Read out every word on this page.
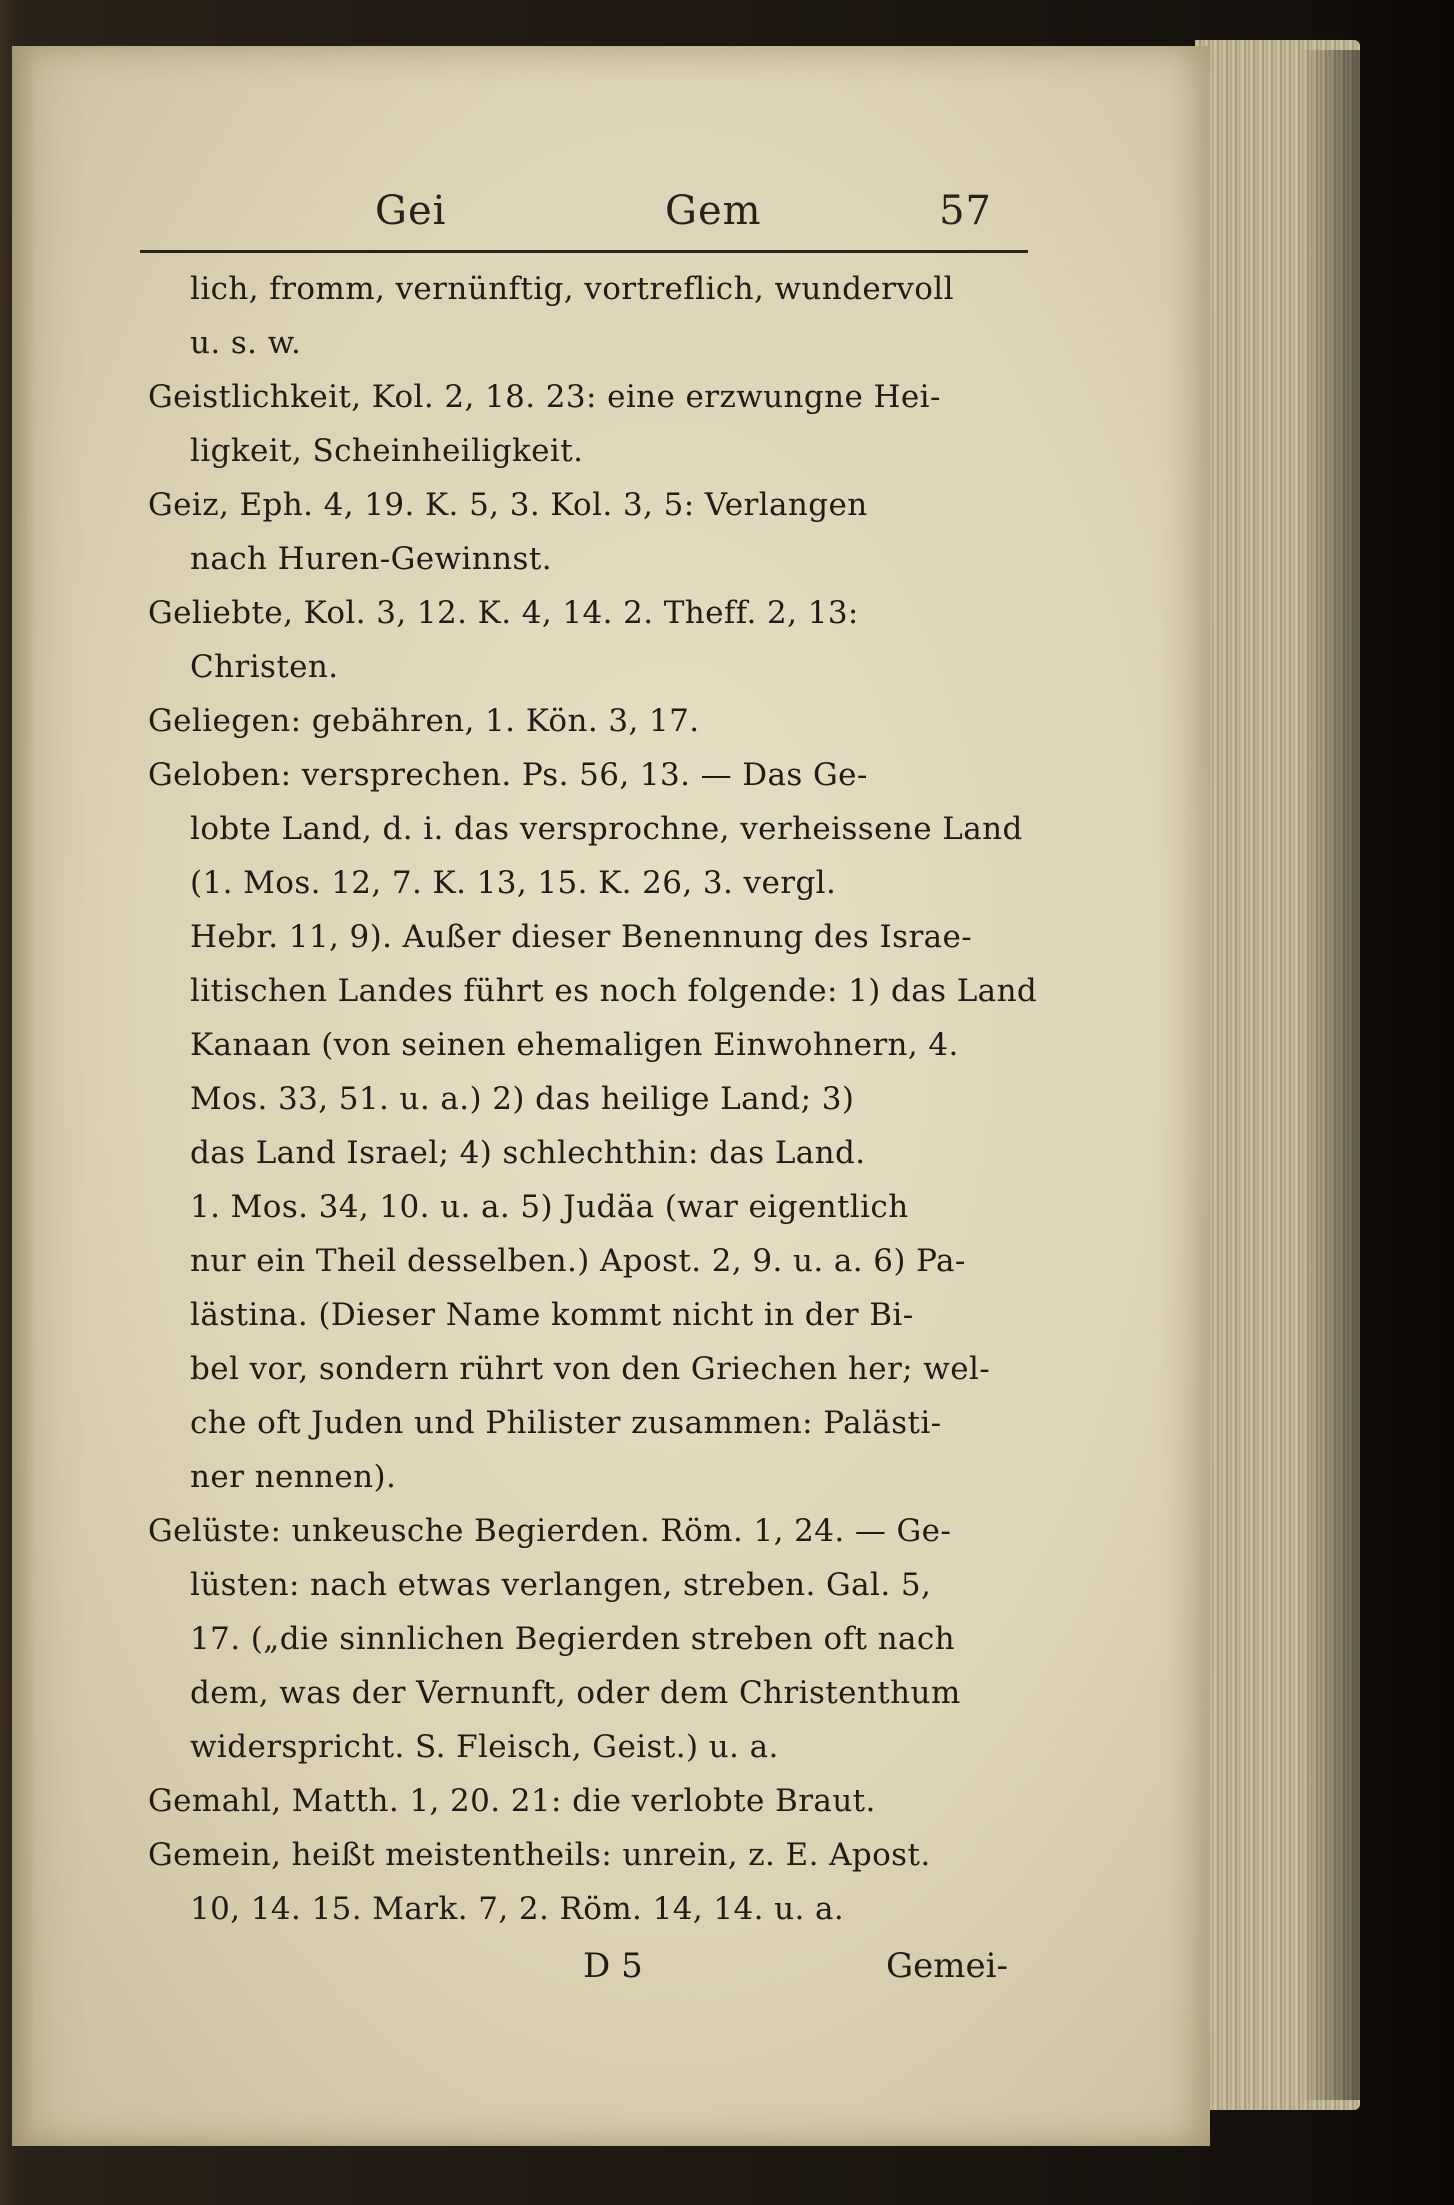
Gei	Gem	57
lich, fromm, vernünftig, vortreflich, wundervoll
u. s. w.
Geistlichkeit, Kol. 2, 18. 23: eine erzwungne Hei-
ligkeit, Scheinheiligkeit.
Geiz, Eph. 4, 19. K. 5, 3. Kol. 3, 5: Verlangen
nach Huren-Gewinnst.
Geliebte, Kol. 3, 12. K. 4, 14. 2. Theff. 2, 13:
Christen.
Geliegen: gebähren, 1. Kön. 3, 17.
Geloben: versprechen. Ps. 56, 13. — Das Ge-
lobte Land, d. i. das versprochne, verheissene Land
(1. Mos. 12, 7. K. 13, 15. K. 26, 3. vergl.
Hebr. 11, 9). Außer dieser Benennung des Israe-
litischen Landes führt es noch folgende: 1) das Land
Kanaan (von seinen ehemaligen Einwohnern, 4.
Mos. 33, 51. u. a.) 2) das heilige Land; 3)
das Land Israel; 4) schlechthin: das Land.
1. Mos. 34, 10. u. a. 5) Judäa (war eigentlich
nur ein Theil desselben.) Apost. 2, 9. u. a. 6) Pa-
lästina. (Dieser Name kommt nicht in der Bi-
bel vor, sondern rührt von den Griechen her; wel-
che oft Juden und Philister zusammen: Palästi-
ner nennen).
Gelüste: unkeusche Begierden. Röm. 1, 24. — Ge-
lüsten: nach etwas verlangen, streben. Gal. 5,
17. („die sinnlichen Begierden streben oft nach
dem, was der Vernunft, oder dem Christenthum
widerspricht. S. Fleisch, Geist.) u. a.
Gemahl, Matth. 1, 20. 21: die verlobte Braut.
Gemein, heißt meistentheils: unrein, z. E. Apost.
10, 14. 15. Mark. 7, 2. Röm. 14, 14. u. a.
D 5	Gemei-
